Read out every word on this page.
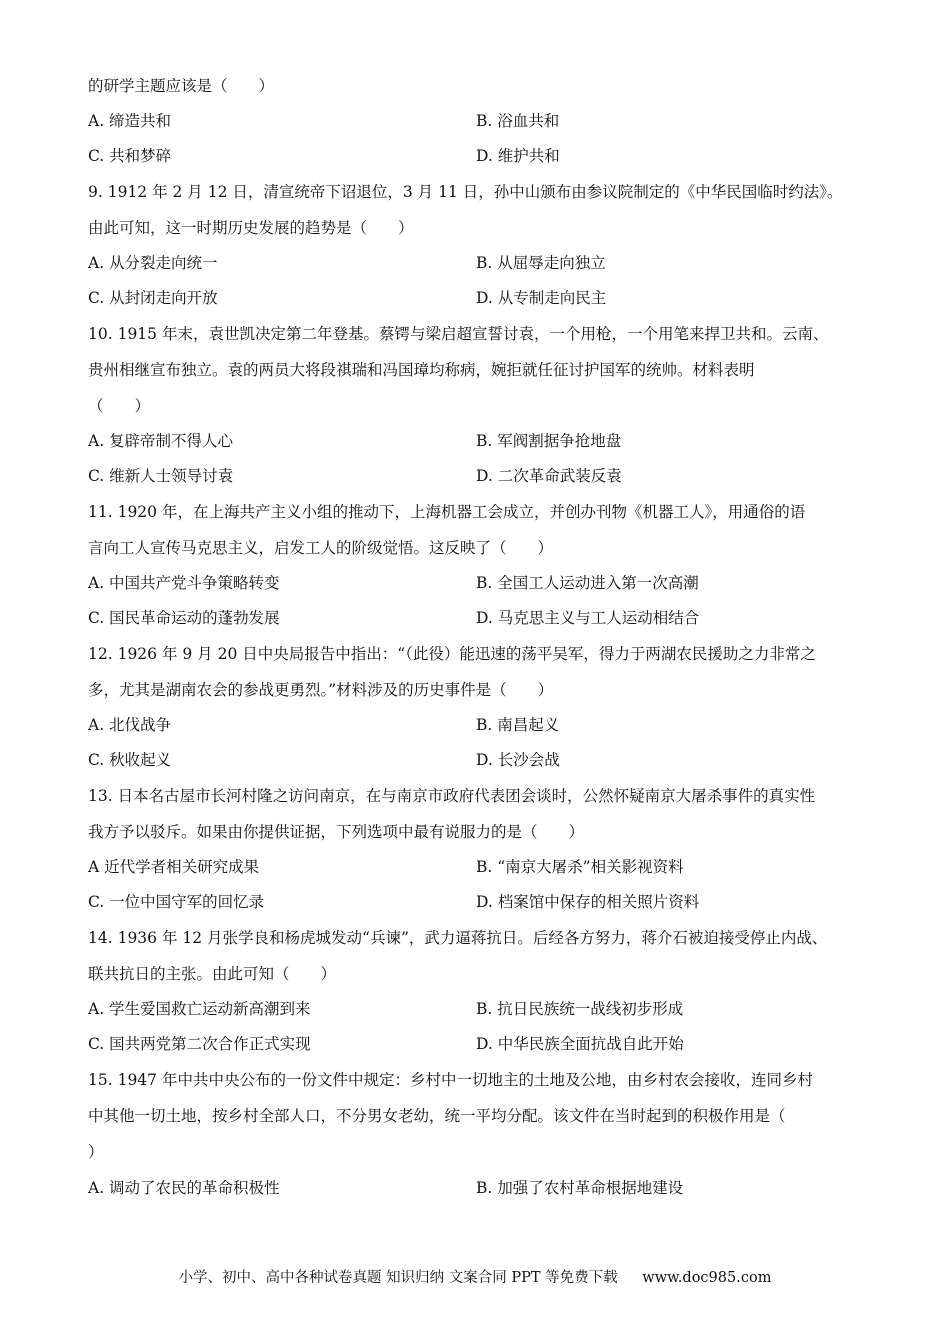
的研学主题应该是（　　）
A. 缔造共和	B. 浴血共和
C. 共和梦碎	D. 维护共和
9. 1912 年 2 月 12 日，清宣统帝下诏退位，3 月 11 日，孙中山颁布由参议院制定的《中华民国临时约法》。
由此可知，这一时期历史发展的趋势是（　　）
A. 从分裂走向统一	B. 从屈辱走向独立
C. 从封闭走向开放	D. 从专制走向民主
10. 1915 年末，袁世凯决定第二年登基。蔡锷与梁启超宣誓讨袁，一个用枪，一个用笔来捍卫共和。云南、
贵州相继宣布独立。袁的两员大将段祺瑞和冯国璋均称病，婉拒就任征讨护国军的统帅。材料表明
（　　）
A. 复辟帝制不得人心	B. 军阀割据争抢地盘
C. 维新人士领导讨袁	D. 二次革命武装反袁
11. 1920 年，在上海共产主义小组的推动下，上海机器工会成立，并创办刊物《机器工人》，用通俗的语
言向工人宣传马克思主义，启发工人的阶级觉悟。这反映了（　　）
A. 中国共产党斗争策略转变	B. 全国工人运动进入第一次高潮
C. 国民革命运动的蓬勃发展	D. 马克思主义与工人运动相结合
12. 1926 年 9 月 20 日中央局报告中指出：“（此役）能迅速的荡平吴军，得力于两湖农民援助之力非常之
多，尤其是湖南农会的参战更勇烈。”材料涉及的历史事件是（　　）
A. 北伐战争	B. 南昌起义
C. 秋收起义	D. 长沙会战
13. 日本名古屋市长河村隆之访问南京，在与南京市政府代表团会谈时，公然怀疑南京大屠杀事件的真实性
我方予以驳斥。如果由你提供证据，下列选项中最有说服力的是（　　）
A 近代学者相关研究成果	B. “南京大屠杀”相关影视资料
C. 一位中国守军的回忆录	D. 档案馆中保存的相关照片资料
14. 1936 年 12 月张学良和杨虎城发动“兵谏”，武力逼蒋抗日。后经各方努力，蒋介石被迫接受停止内战、
联共抗日的主张。由此可知（　　）
A. 学生爱国救亡运动新高潮到来	B. 抗日民族统一战线初步形成
C. 国共两党第二次合作正式实现	D. 中华民族全面抗战自此开始
15. 1947 年中共中央公布的一份文件中规定：乡村中一切地主的土地及公地，由乡村农会接收，连同乡村
中其他一切土地，按乡村全部人口，不分男女老幼，统一平均分配。该文件在当时起到的积极作用是（
）
A. 调动了农民的革命积极性	B. 加强了农村革命根据地建设
小学、初中、高中各种试卷真题 知识归纳 文案合同 PPT 等免费下载 www.doc985.com
